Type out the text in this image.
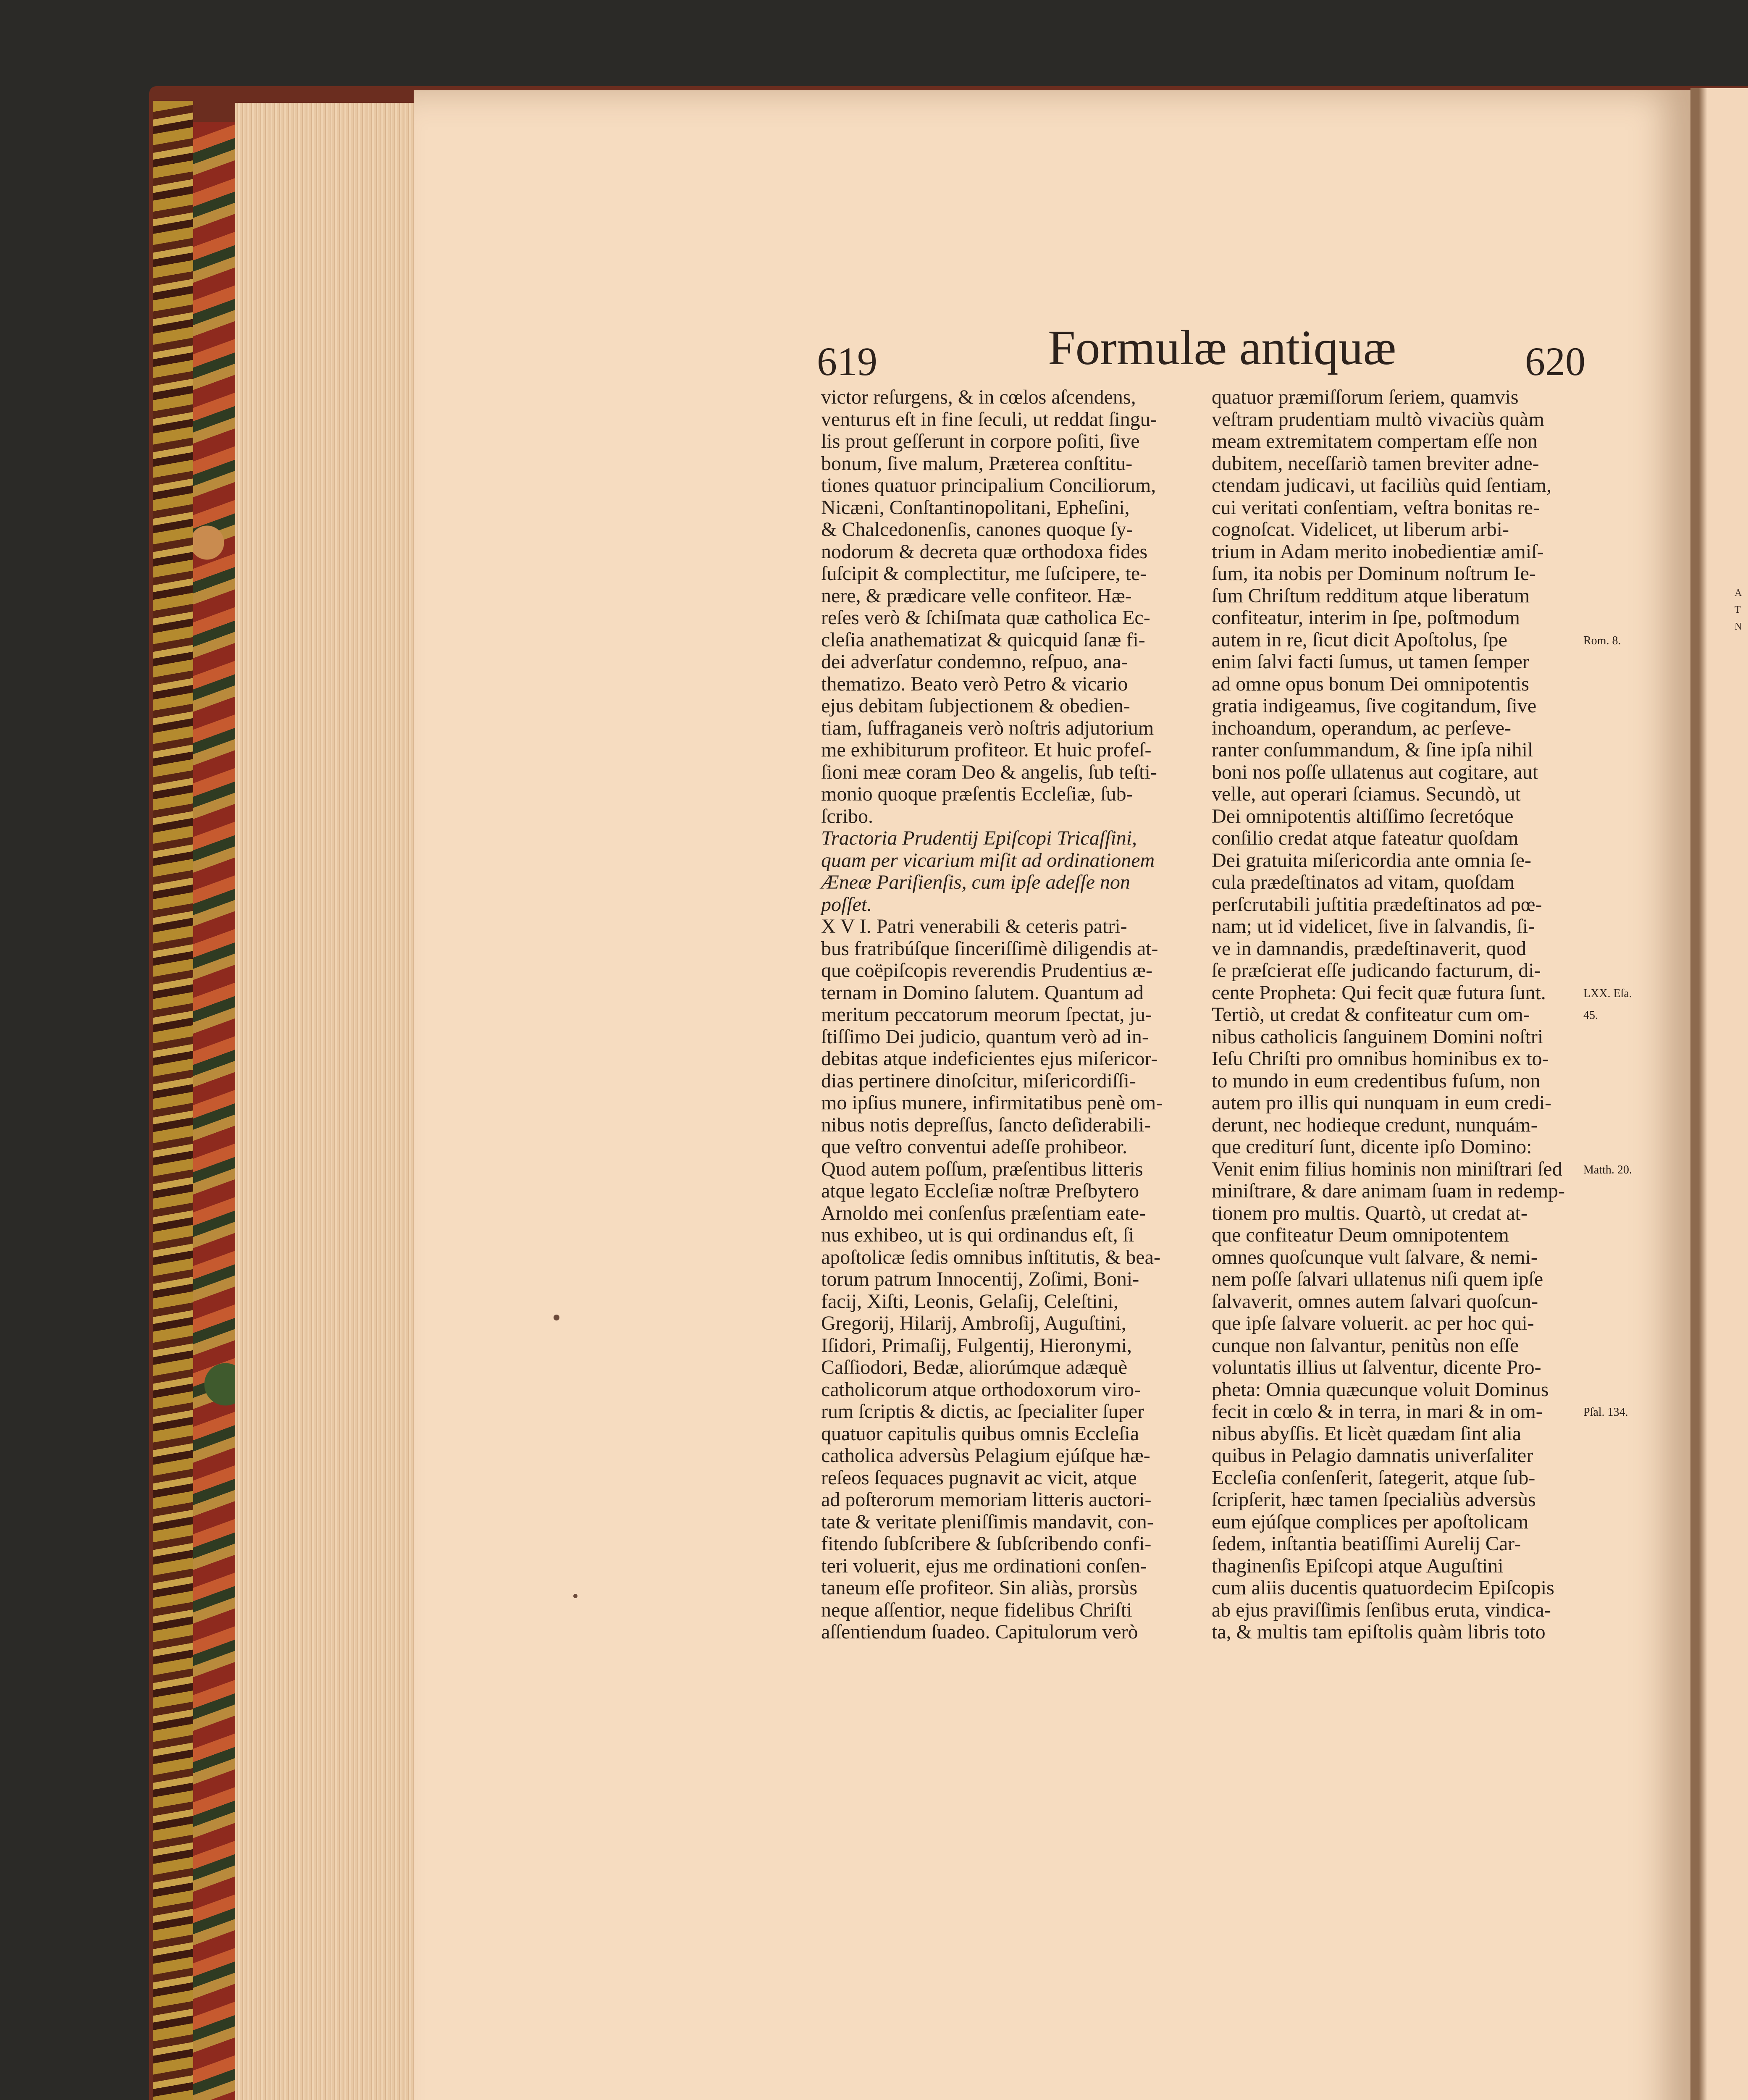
A
T
N
619	Formulæ antiquæ	620
victor reſurgens, & in cœlos aſcendens,
venturus eſt in fine ſeculi, ut reddat ſingu-
lis prout geſſerunt in corpore poſiti, ſive
bonum, ſive malum, Præterea conſtitu-
tiones quatuor principalium Conciliorum,
Nicæni, Conſtantinopolitani, Epheſini,
& Chalcedonenſis, canones quoque ſy-
nodorum & decreta quæ orthodoxa fides
ſuſcipit & complectitur, me ſuſcipere, te-
nere, & prædicare velle confiteor. Hæ-
reſes verò & ſchiſmata quæ catholica Ec-
cleſia anathematizat & quicquid ſanæ fi-
dei adverſatur condemno, reſpuo, ana-
thematizo. Beato verò Petro & vicario
ejus debitam ſubjectionem & obedien-
tiam, ſuffraganeis verò noſtris adjutorium
me exhibiturum profiteor. Et huic profeſ-
ſioni meæ coram Deo & angelis, ſub teſti-
monio quoque præſentis Eccleſiæ, ſub-
ſcribo.
Tractoria Prudentij Epiſcopi Tricaſſini,
quam per vicarium miſit ad ordinationem
Æneæ Pariſienſis, cum ipſe adeſſe non
poſſet.
X V I. Patri venerabili & ceteris patri-
bus fratribúſque ſinceriſſimè diligendis at-
que coëpiſcopis reverendis Prudentius æ-
ternam in Domino ſalutem. Quantum ad
meritum peccatorum meorum ſpectat, ju-
ſtiſſimo Dei judicio, quantum verò ad in-
debitas atque indeficientes ejus miſericor-
dias pertinere dinoſcitur, miſericordiſſi-
mo ipſius munere, infirmitatibus penè om-
nibus notis depreſſus, ſancto deſiderabili-
que veſtro conventui adeſſe prohibeor.
Quod autem poſſum, præſentibus litteris
atque legato Eccleſiæ noſtræ Preſbytero
Arnoldo mei conſenſus præſentiam eate-
nus exhibeo, ut is qui ordinandus eſt, ſi
apoſtolicæ ſedis omnibus inſtitutis, & bea-
torum patrum Innocentij, Zoſimi, Boni-
facij, Xiſti, Leonis, Gelaſij, Celeſtini,
Gregorij, Hilarij, Ambroſij, Auguſtini,
Iſidori, Primaſij, Fulgentij, Hieronymi,
Caſſiodori, Bedæ, aliorúmque adæquè
catholicorum atque orthodoxorum viro-
rum ſcriptis & dictis, ac ſpecialiter ſuper
quatuor capitulis quibus omnis Eccleſia
catholica adversùs Pelagium ejúſque hæ-
reſeos ſequaces pugnavit ac vicit, atque
ad poſterorum memoriam litteris auctori-
tate & veritate pleniſſimis mandavit, con-
fitendo ſubſcribere & ſubſcribendo confi-
teri voluerit, ejus me ordinationi conſen-
taneum eſſe profiteor. Sin aliàs, prorsùs
neque aſſentior, neque fidelibus Chriſti
aſſentiendum ſuadeo. Capitulorum verò
quatuor præmiſſorum ſeriem, quamvis
veſtram prudentiam multò vivaciùs quàm
meam extremitatem compertam eſſe non
dubitem, neceſſariò tamen breviter adne-
ctendam judicavi, ut faciliùs quid ſentiam,
cui veritati conſentiam, veſtra bonitas re-
cognoſcat. Videlicet, ut liberum arbi-
trium in Adam merito inobedientiæ amiſ-
ſum, ita nobis per Dominum noſtrum Ie-
ſum Chriſtum redditum atque liberatum
confiteatur, interim in ſpe, poſtmodum
autem in re, ſicut dicit Apoſtolus, ſpe
enim ſalvi facti ſumus, ut tamen ſemper
ad omne opus bonum Dei omnipotentis
gratia indigeamus, ſive cogitandum, ſive
inchoandum, operandum, ac perſeve-
ranter conſummandum, & ſine ipſa nihil
boni nos poſſe ullatenus aut cogitare, aut
velle, aut operari ſciamus. Secundò, ut
Dei omnipotentis altiſſimo ſecretóque
conſilio credat atque fateatur quoſdam
Dei gratuita miſericordia ante omnia ſe-
cula prædeſtinatos ad vitam, quoſdam
perſcrutabili juſtitia prædeſtinatos ad pœ-
nam; ut id videlicet, ſive in ſalvandis, ſi-
ve in damnandis, prædeſtinaverit, quod
ſe præſcierat eſſe judicando facturum, di-
cente Propheta: Qui fecit quæ futura ſunt.
Tertiò, ut credat & confiteatur cum om-
nibus catholicis ſanguinem Domini noſtri
Ieſu Chriſti pro omnibus hominibus ex to-
to mundo in eum credentibus fuſum, non
autem pro illis qui nunquam in eum credi-
derunt, nec hodieque credunt, nunquám-
que crediturí ſunt, dicente ipſo Domino:
Venit enim filius hominis non miniſtrari ſed
miniſtrare, & dare animam ſuam in redemp-
tionem pro multis. Quartò, ut credat at-
que confiteatur Deum omnipotentem
omnes quoſcunque vult ſalvare, & nemi-
nem poſſe ſalvari ullatenus niſi quem ipſe
ſalvaverit, omnes autem ſalvari quoſcun-
que ipſe ſalvare voluerit. ac per hoc qui-
cunque non ſalvantur, penitùs non eſſe
voluntatis illius ut ſalventur, dicente Pro-
pheta: Omnia quæcunque voluit Dominus
fecit in cœlo & in terra, in mari & in om-
nibus abyſſis. Et licèt quædam ſint alia
quibus in Pelagio damnatis univerſaliter
Eccleſia conſenſerit, ſategerit, atque ſub-
ſcripſerit, hæc tamen ſpecialiùs adversùs
eum ejúſque complices per apoſtolicam
ſedem, inſtantia beatiſſimi Aurelij Car-
thaginenſis Epiſcopi atque Auguſtini
cum aliis ducentis quatuordecim Epiſcopis
ab ejus praviſſimis ſenſibus eruta, vindica-
ta, & multis tam epiſtolis quàm libris toto
Rom. 8.
LXX. Eſa.
45.
Matth. 20.
Pſal. 134.
